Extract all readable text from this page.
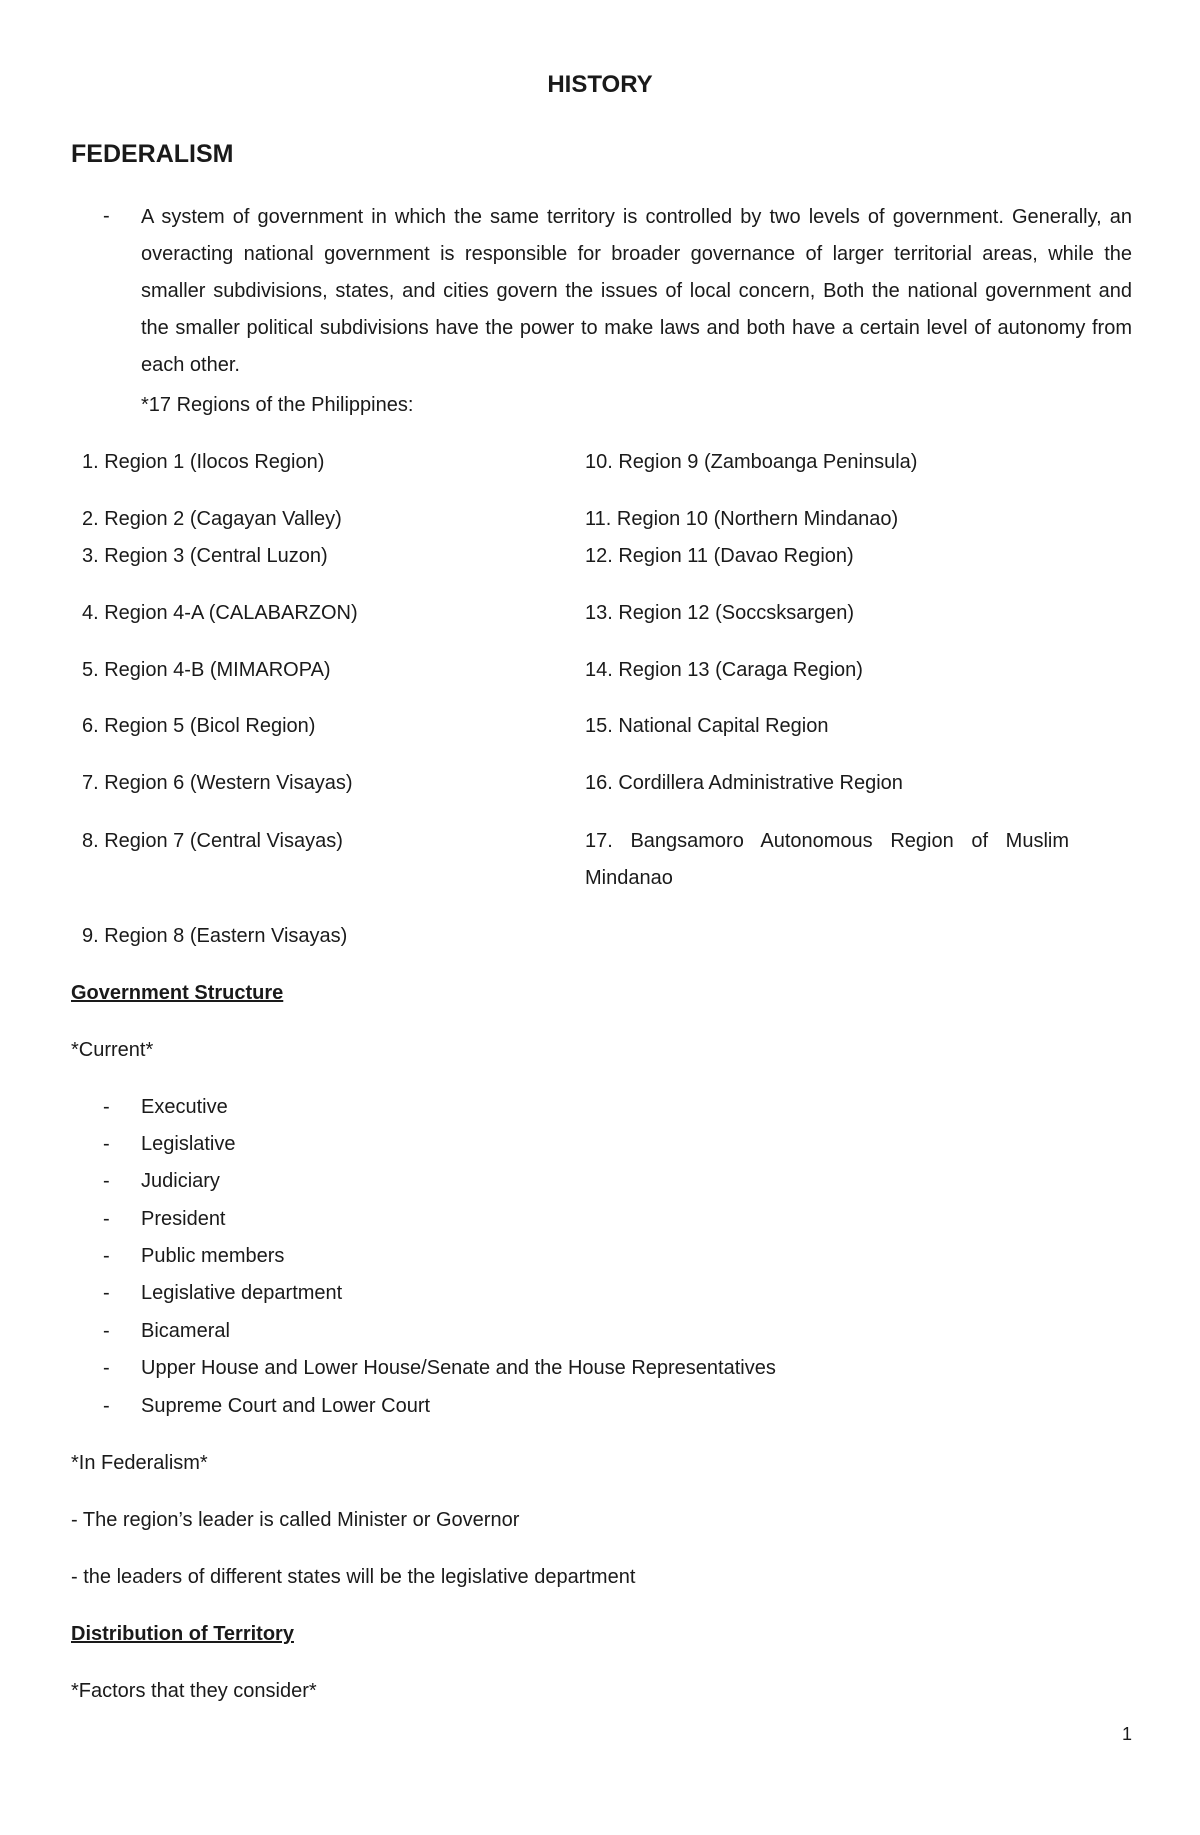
HISTORY
FEDERALISM
- A system of government in which the same territory is controlled by two levels of government. Generally, an overacting national government is responsible for broader governance of larger territorial areas, while the smaller subdivisions, states, and cities govern the issues of local concern, Both the national government and the smaller political subdivisions have the power to make laws and both have a certain level of autonomy from each other.

*17 Regions of the Philippines:
1. Region 1 (Ilocos Region)
2. Region 2 (Cagayan Valley)
3. Region 3 (Central Luzon)
4. Region 4-A (CALABARZON)
5. Region 4-B (MIMAROPA)
6. Region 5 (Bicol Region)
7. Region 6 (Western Visayas)
8. Region 7 (Central Visayas)
9. Region 8 (Eastern Visayas)
10. Region 9 (Zamboanga Peninsula)
11. Region 10 (Northern Mindanao)
12. Region 11 (Davao Region)
13. Region 12 (Soccsksargen)
14. Region 13 (Caraga Region)
15. National Capital Region
16. Cordillera Administrative Region
17. Bangsamoro Autonomous Region of Muslim
Mindanao
Government Structure
*Current*
- Executive
- Legislative
- Judiciary
- President
- Public members
- Legislative department
- Bicameral
- Upper House and Lower House/Senate and the House Representatives
- Supreme Court and Lower Court
*In Federalism*
- The region’s leader is called Minister or Governor
- the leaders of different states will be the legislative department
Distribution of Territory
*Factors that they consider*
1
